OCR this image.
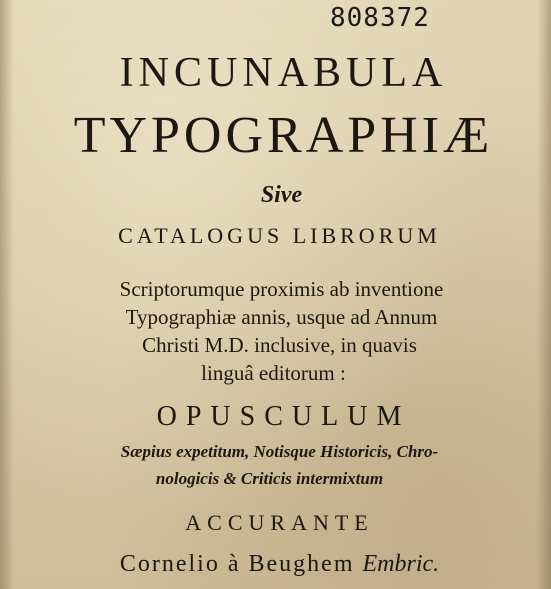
808372
INCUNABULA
TYPOGRAPHIÆ
Sive
CATALOGUS LIBRORUM
Scriptorumque proximis ab inventione
Typographiæ annis, usque ad Annum
Christi M.D. inclusive, in quavis
linguâ editorum :
OPUSCULUM
Sæpius expetitum, Notisque Historicis, Chro-
nologicis & Criticis intermixtum
ACCURANTE
Cornelio à Beughem Embric.
